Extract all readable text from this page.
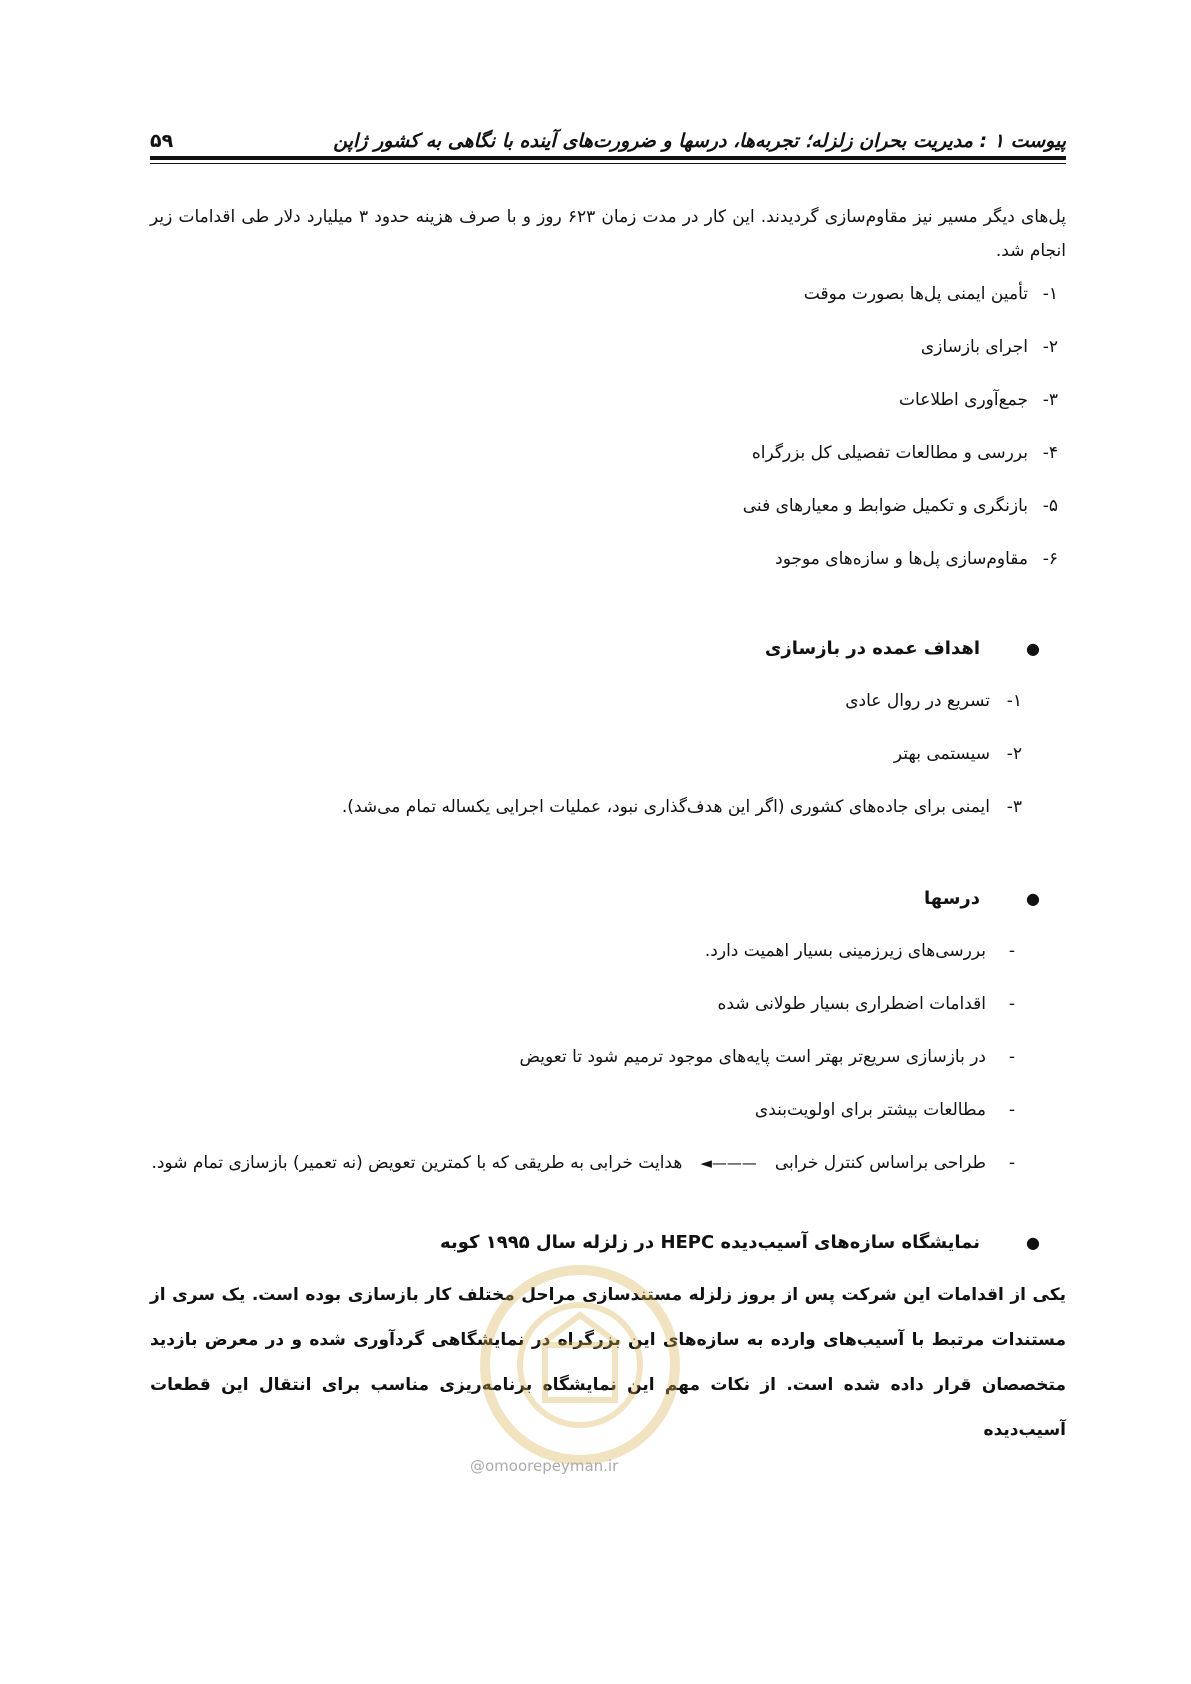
۵۹	پیوست ۱ : مدیریت بحران زلزله؛ تجربه‌ها، درسها و ضرورت‌های آینده با نگاهی به کشور ژاپن

پل‌های دیگر مسیر نیز مقاوم‌سازی گردیدند. این کار در مدت زمان ۶۲۳ روز و با صرف هزینه حدود ۳ میلیارد دلار طی اقدامات زیر انجام شد.

۱-
تأمین ایمنی پل‌ها بصورت موقت
۲-
اجرای بازسازی
۳-
جمع‌آوری اطلاعات
۴-
بررسی و مطالعات تفصیلی کل بزرگراه
۵-
بازنگری و تکمیل ضوابط و معیارهای فنی
۶-
مقاوم‌سازی پل‌ها و سازه‌های موجود
●
اهداف عمده در بازسازی
۱-
تسریع در روال عادی
۲-
سیستمی بهتر
۳-
ایمنی برای جاده‌های کشوری (اگر این هدف‌گذاری نبود، عملیات اجرایی یکساله تمام می‌شد).
●
درسها
-
بررسی‌های زیرزمینی بسیار اهمیت دارد.
-
اقدامات اضطراری بسیار طولانی شده
-
در بازسازی سریع‌تر بهتر است پایه‌های موجود ترمیم شود تا تعویض
-
مطالعات بیشتر برای اولویت‌بندی
-
طراحی براساس کنترل خرابی◄———هدایت خرابی به طریقی که با کمترین تعویض (نه تعمیر) بازسازی تمام شود.
●
نمایشگاه سازه‌های آسیب‌دیده HEPC در زلزله سال ۱۹۹۵ کوبه

یکی از اقدامات این شرکت پس از بروز زلزله مستندسازی مراحل مختلف کار بازسازی بوده است. یک سری از مستندات مرتبط با آسیب‌های وارده به سازه‌های این بزرگراه در نمایشگاهی گردآوری شده و در معرض بازدید متخصصان قرار داده شده است. از نکات مهم این نمایشگاه برنامه‌ریزی مناسب برای انتقال این قطعات آسیب‌دیده

@omoorepeyman.ir
